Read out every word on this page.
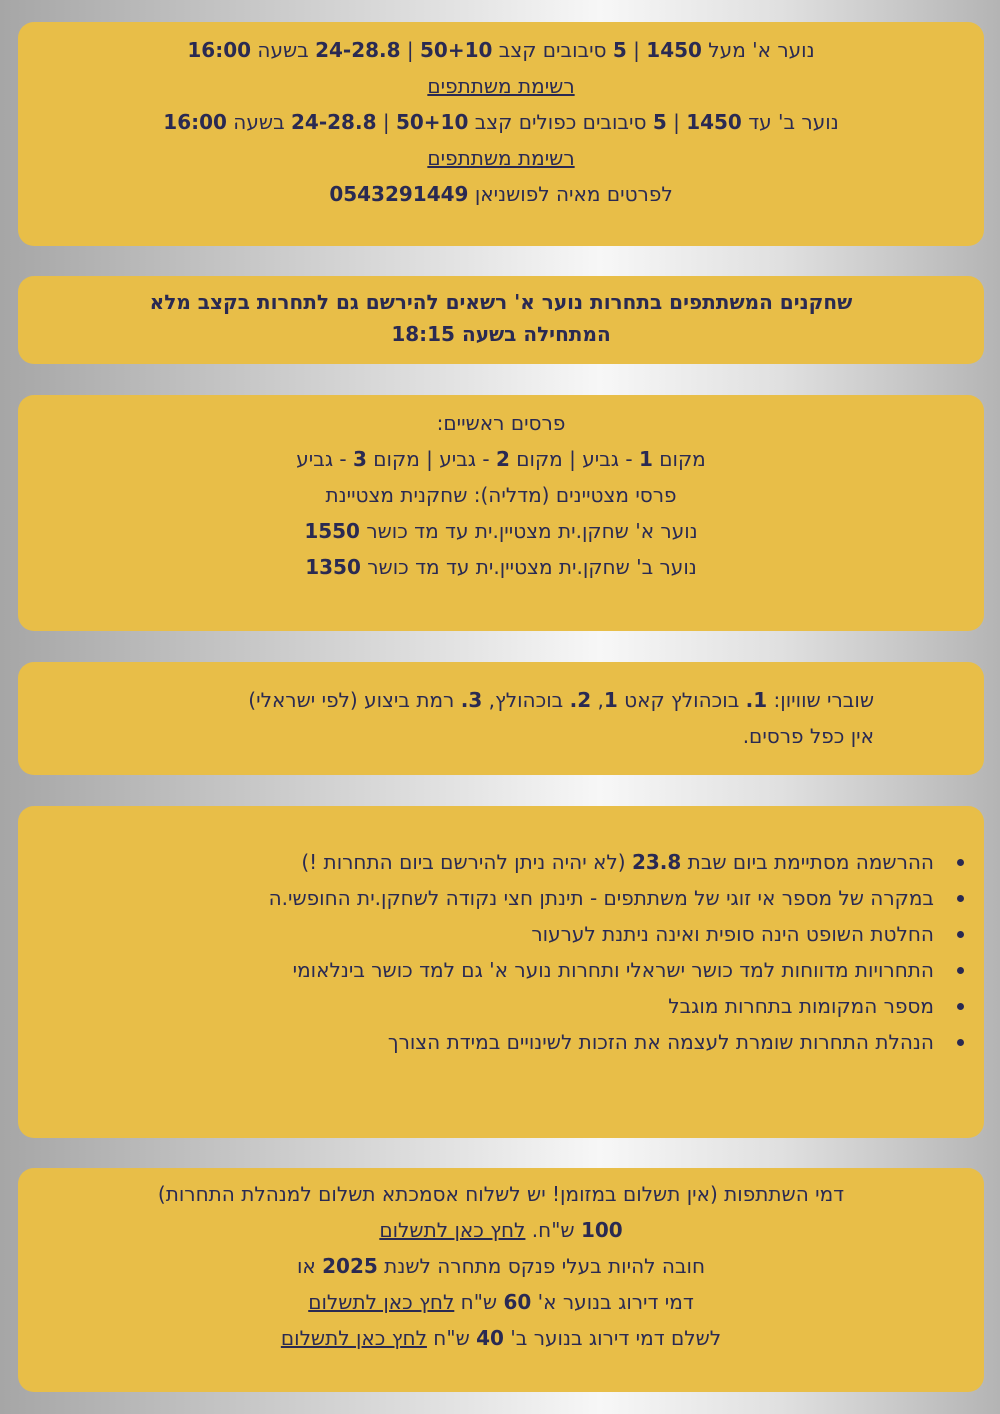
נוער א' מעל 1450 | 5 סיבובים קצב 50+10 | 24-28.8 בשעה 16:00
רשימת משתתפים
נוער ב' עד 1450 | 5 סיבובים כפולים קצב 50+10 | 24-28.8 בשעה 16:00
רשימת משתתפים
לפרטים מאיה לפושניאן 0543291449
שחקנים המשתתפים בתחרות נוער א' רשאים להירשם גם לתחרות בקצב מלא
המתחילה בשעה 18:15
פרסים ראשיים:
מקום 1 - גביע | מקום 2 - גביע | מקום 3 - גביע
פרסי מצטיינים (מדליה): שחקנית מצטיינת
נוער א' שחקן.ית מצטיין.ית עד מד כושר 1550
נוער ב' שחקן.ית מצטיין.ית עד מד כושר 1350
שוברי שוויון: 1. בוכהולץ קאט 1, 2. בוכהולץ, 3. רמת ביצוע (לפי ישראלי)
אין כפל פרסים.
ההרשמה מסתיימת ביום שבת 23.8 (לא יהיה ניתן להירשם ביום התחרות !)
במקרה של מספר אי זוגי של משתתפים - תינתן חצי נקודה לשחקן.ית החופשי.ה
החלטת השופט הינה סופית ואינה ניתנת לערעור
התחרויות מדווחות למד כושר ישראלי ותחרות נוער א' גם למד כושר בינלאומי
מספר המקומות בתחרות מוגבל
הנהלת התחרות שומרת לעצמה את הזכות לשינויים במידת הצורך
דמי השתתפות (אין תשלום במזומן! יש לשלוח אסמכתא תשלום למנהלת התחרות)
100 ש"ח. לחץ כאן לתשלום
חובה להיות בעלי פנקס מתחרה לשנת 2025 או
דמי דירוג בנוער א' 60 ש"ח לחץ כאן לתשלום
לשלם דמי דירוג בנוער ב' 40 ש"ח לחץ כאן לתשלום
